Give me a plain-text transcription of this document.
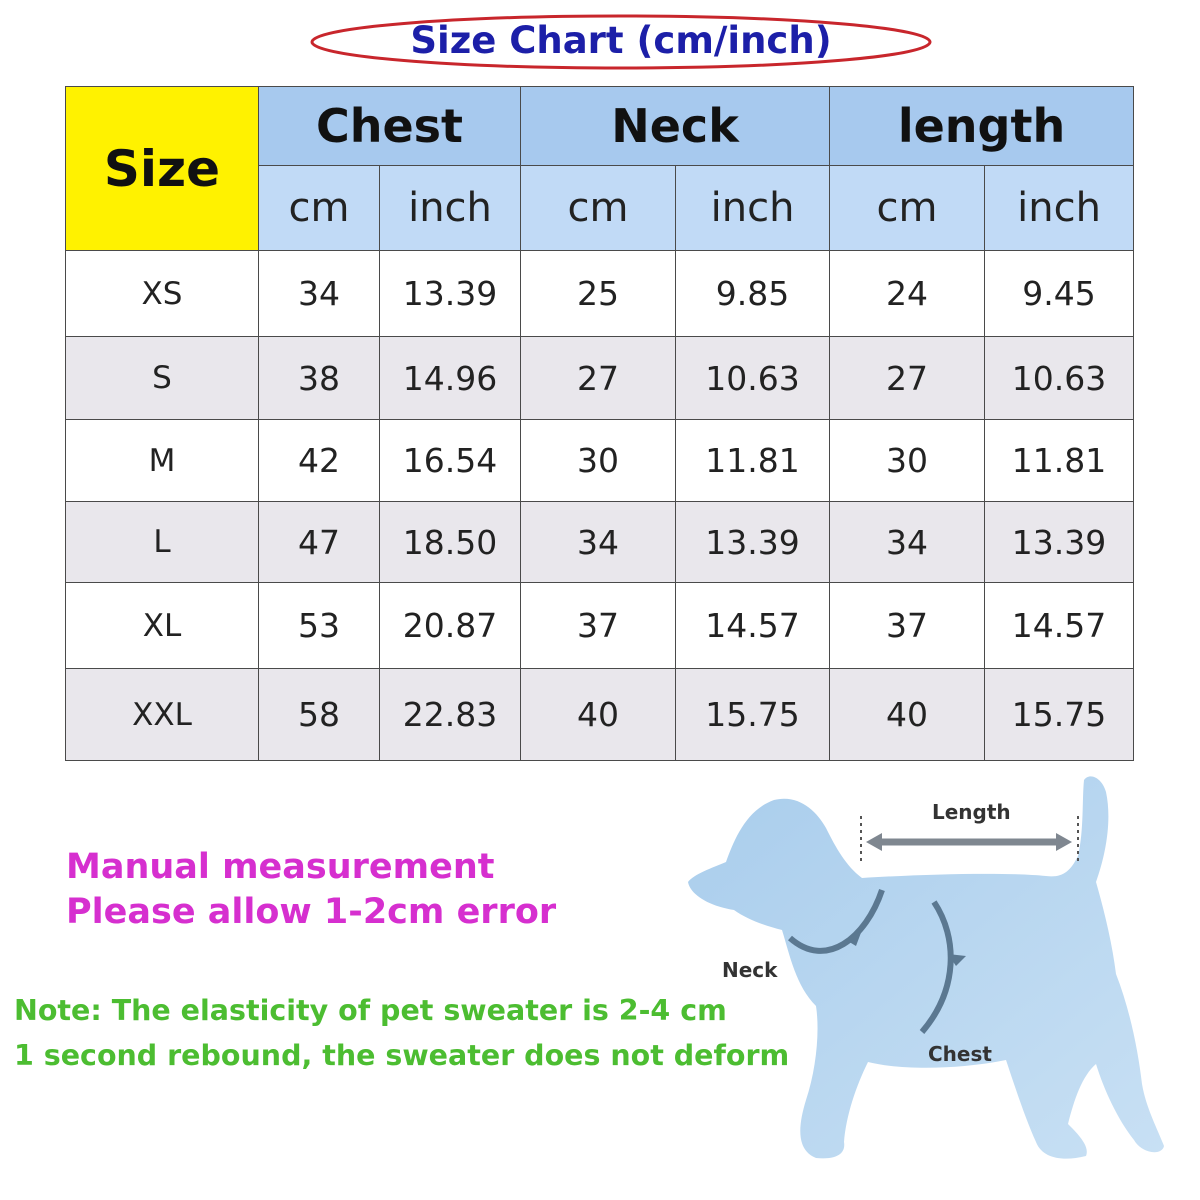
Size Chart (cm/inch)
Size	Chest		Neck		length	
	cm	inch	cm	inch	cm	inch
XS	34	13.39	25	9.85	24	9.45
S	38	14.96	27	10.63	27	10.63
M	42	16.54	30	11.81	30	11.81
L	47	18.50	34	13.39	34	13.39
XL	53	20.87	37	14.57	37	14.57
XXL	58	22.83	40	15.75	40	15.75
Manual measurement
Please allow 1-2cm error
Note: The elasticity of pet sweater is 2-4 cm
1 second rebound, the sweater does not deform
Length
Neck
Chest
